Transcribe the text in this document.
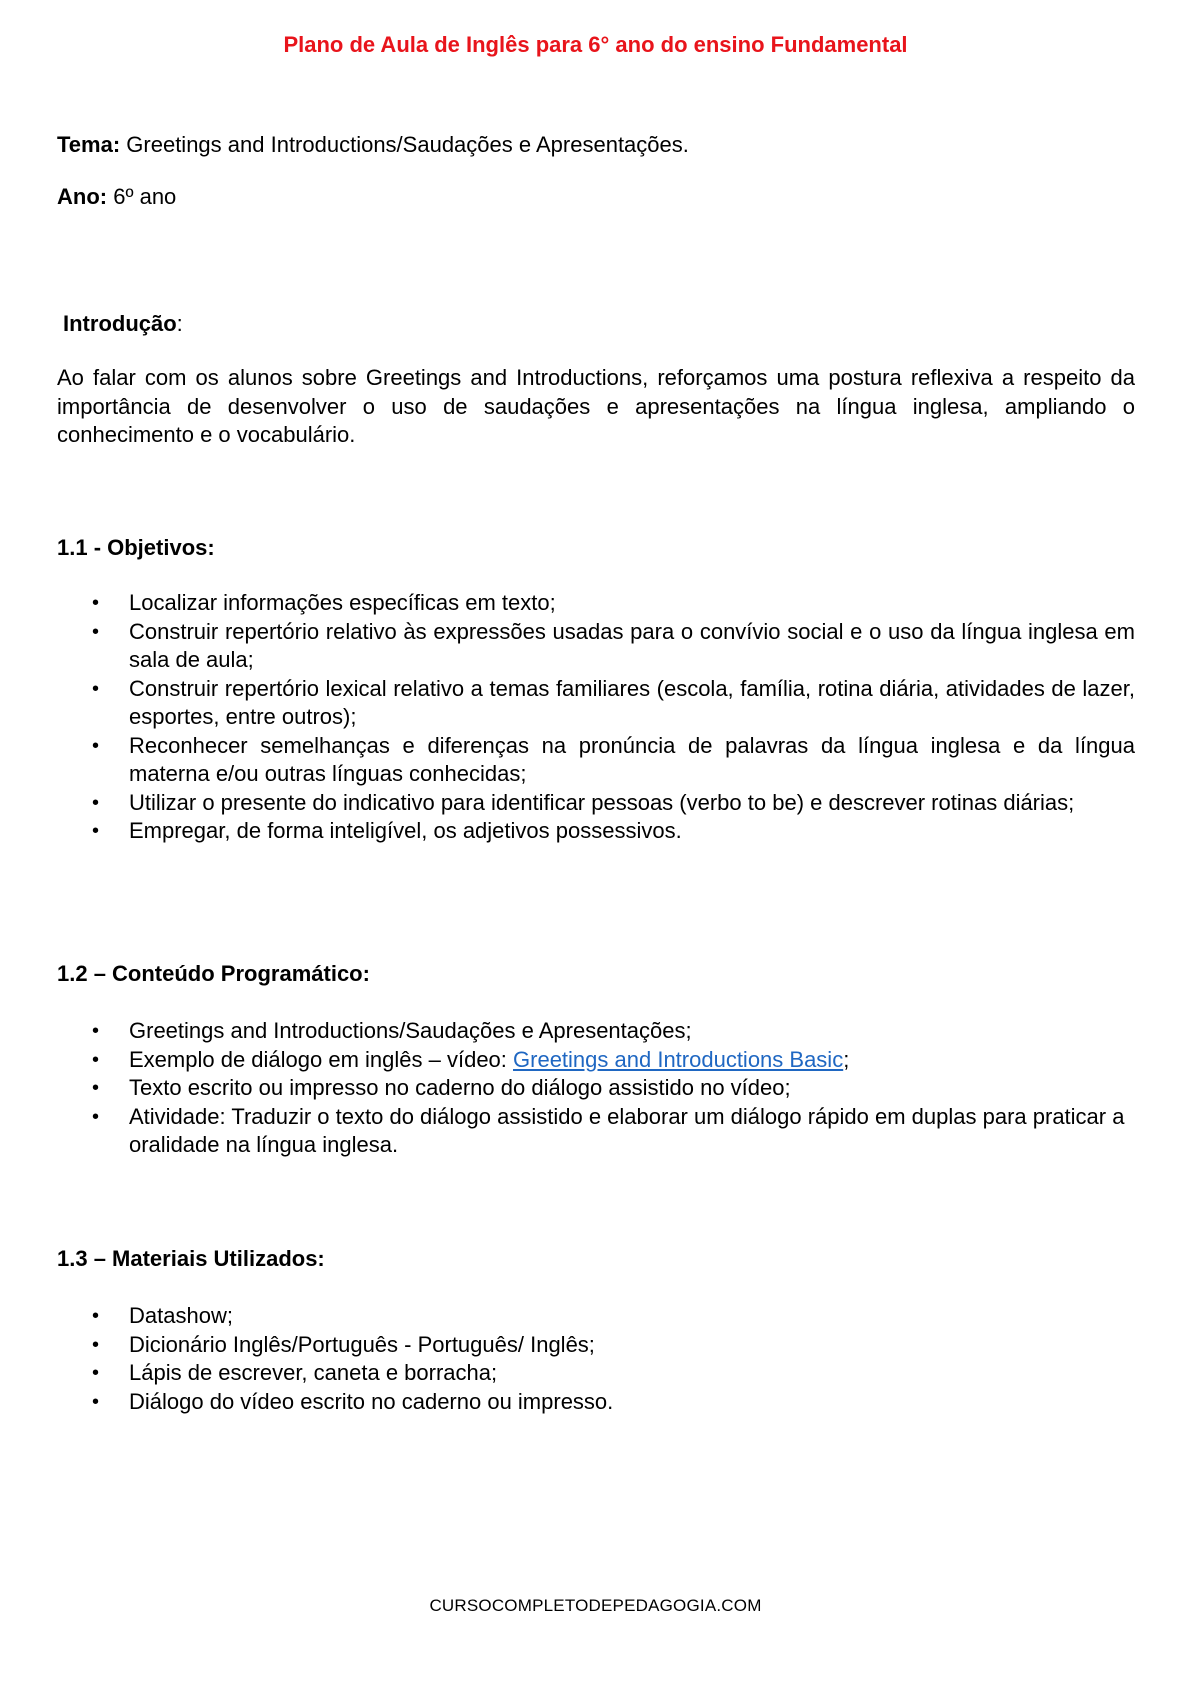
Plano de Aula de Inglês para 6° ano do ensino Fundamental
Tema: Greetings and Introductions/Saudações e Apresentações.
Ano: 6º ano
Introdução:
Ao falar com os alunos sobre Greetings and Introductions, reforçamos uma postura reflexiva a respeito da importância de desenvolver o uso de saudações e apresentações na língua inglesa, ampliando o conhecimento e o vocabulário.
1.1 - Objetivos:
• Localizar informações específicas em texto;
• Construir repertório relativo às expressões usadas para o convívio social e o uso da língua inglesa em sala de aula;
• Construir repertório lexical relativo a temas familiares (escola, família, rotina diária, atividades de lazer, esportes, entre outros);
• Reconhecer semelhanças e diferenças na pronúncia de palavras da língua inglesa e da língua materna e/ou outras línguas conhecidas;
• Utilizar o presente do indicativo para identificar pessoas (verbo to be) e descrever rotinas diárias;
• Empregar, de forma inteligível, os adjetivos possessivos.
1.2 – Conteúdo Programático:
• Greetings and Introductions/Saudações e Apresentações;
• Exemplo de diálogo em inglês – vídeo: Greetings and Introductions Basic;
• Texto escrito ou impresso no caderno do diálogo assistido no vídeo;
• Atividade: Traduzir o texto do diálogo assistido e elaborar um diálogo rápido em duplas para praticar a oralidade na língua inglesa.
1.3 – Materiais Utilizados:
• Datashow;
• Dicionário Inglês/Português - Português/ Inglês;
• Lápis de escrever, caneta e borracha;
• Diálogo do vídeo escrito no caderno ou impresso.
CURSOCOMPLETODEPEDAGOGIA.COM
